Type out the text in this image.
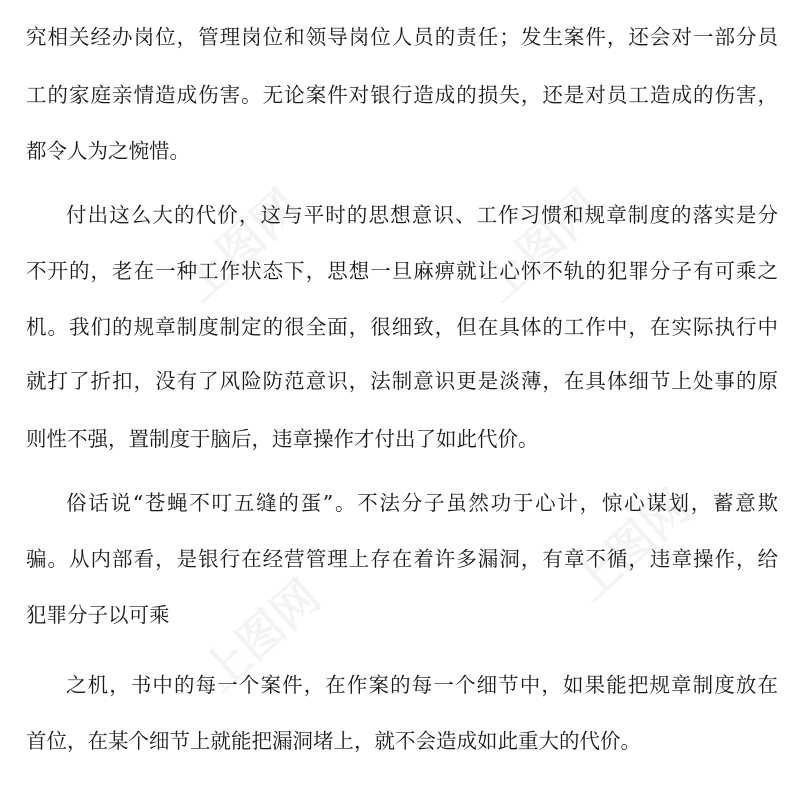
究相关经办岗位，管理岗位和领导岗位人员的责任；发生案件，还会对一部分员
工的家庭亲情造成伤害。无论案件对银行造成的损失，还是对员工造成的伤害，
都令人为之惋惜。
付出这么大的代价，这与平时的思想意识、工作习惯和规章制度的落实是分
不开的，老在一种工作状态下，思想一旦麻痹就让心怀不轨的犯罪分子有可乘之
机。我们的规章制度制定的很全面，很细致，但在具体的工作中，在实际执行中
就打了折扣，没有了风险防范意识，法制意识更是淡薄，在具体细节上处事的原
则性不强，置制度于脑后，违章操作才付出了如此代价。
俗话说“苍蝇不叮五缝的蛋”。不法分子虽然功于心计，惊心谋划，蓄意欺
骗。从内部看，是银行在经营管理上存在着许多漏洞，有章不循，违章操作，给
犯罪分子以可乘
之机，书中的每一个案件，在作案的每一个细节中，如果能把规章制度放在
首位，在某个细节上就能把漏洞堵上，就不会造成如此重大的代价。
